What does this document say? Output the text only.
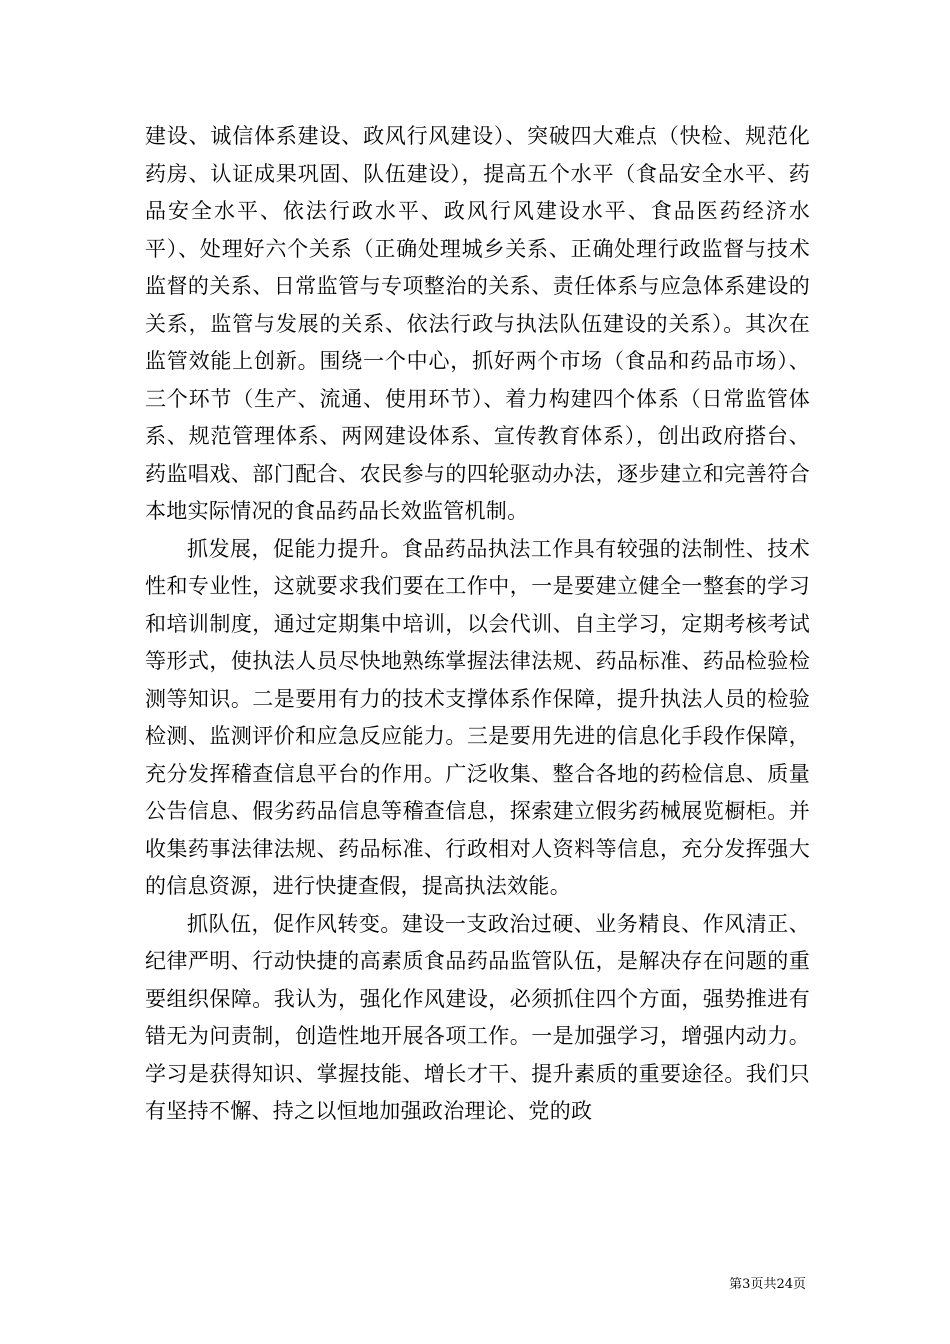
建设、诚信体系建设、政风行风建设）、突破四大难点（快检、规范化药房、认证成果巩固、队伍建设），提高五个水平（食品安全水平、药品安全水平、依法行政水平、政风行风建设水平、食品医药经济水平）、处理好六个关系（正确处理城乡关系、正确处理行政监督与技术监督的关系、日常监管与专项整治的关系、责任体系与应急体系建设的关系，监管与发展的关系、依法行政与执法队伍建设的关系）。其次在监管效能上创新。围绕一个中心，抓好两个市场（食品和药品市场）、三个环节（生产、流通、使用环节）、着力构建四个体系（日常监管体系、规范管理体系、两网建设体系、宣传教育体系），创出政府搭台、药监唱戏、部门配合、农民参与的四轮驱动办法，逐步建立和完善符合本地实际情况的食品药品长效监管机制。

抓发展，促能力提升。食品药品执法工作具有较强的法制性、技术性和专业性，这就要求我们要在工作中，一是要建立健全一整套的学习和培训制度，通过定期集中培训，以会代训、自主学习，定期考核考试等形式，使执法人员尽快地熟练掌握法律法规、药品标准、药品检验检测等知识。二是要用有力的技术支撑体系作保障，提升执法人员的检验检测、监测评价和应急反应能力。三是要用先进的信息化手段作保障，充分发挥稽查信息平台的作用。广泛收集、整合各地的药检信息、质量公告信息、假劣药品信息等稽查信息，探索建立假劣药械展览橱柜。并收集药事法律法规、药品标准、行政相对人资料等信息，充分发挥强大的信息资源，进行快捷查假，提高执法效能。

抓队伍，促作风转变。建设一支政治过硬、业务精良、作风清正、纪律严明、行动快捷的高素质食品药品监管队伍，是解决存在问题的重要组织保障。我认为，强化作风建设，必须抓住四个方面，强势推进有错无为问责制，创造性地开展各项工作。一是加强学习，增强内动力。学习是获得知识、掌握技能、增长才干、提升素质的重要途径。我们只有坚持不懈、持之以恒地加强政治理论、党的政

第3页共24页
